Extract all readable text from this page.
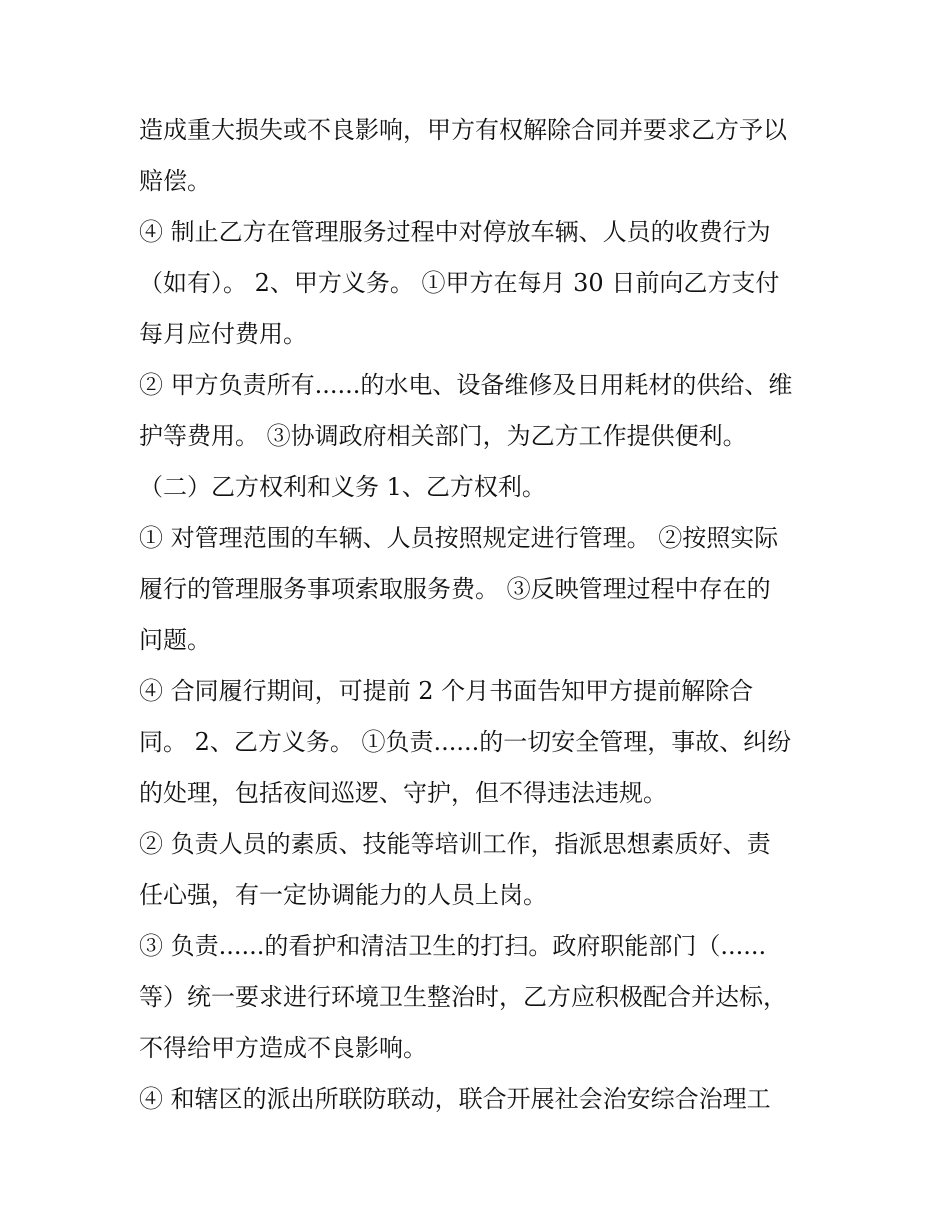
造成重大损失或不良影响，甲方有权解除合同并要求乙方予以
赔偿。
④ 制止乙方在管理服务过程中对停放车辆、人员的收费行为
（如有）。 2、甲方义务。 ①甲方在每月 30 日前向乙方支付
每月应付费用。
② 甲方负责所有......的水电、设备维修及日用耗材的供给、维
护等费用。 ③协调政府相关部门，为乙方工作提供便利。
（二）乙方权利和义务 1、乙方权利。
① 对管理范围的车辆、人员按照规定进行管理。 ②按照实际
履行的管理服务事项索取服务费。 ③反映管理过程中存在的
问题。
④ 合同履行期间，可提前 2 个月书面告知甲方提前解除合
同。 2、乙方义务。 ①负责......的一切安全管理，事故、纠纷
的处理，包括夜间巡逻、守护，但不得违法违规。
② 负责人员的素质、技能等培训工作，指派思想素质好、责
任心强，有一定协调能力的人员上岗。
③ 负责......的看护和清洁卫生的打扫。政府职能部门（......
等）统一要求进行环境卫生整治时，乙方应积极配合并达标，
不得给甲方造成不良影响。
④ 和辖区的派出所联防联动，联合开展社会治安综合治理工
